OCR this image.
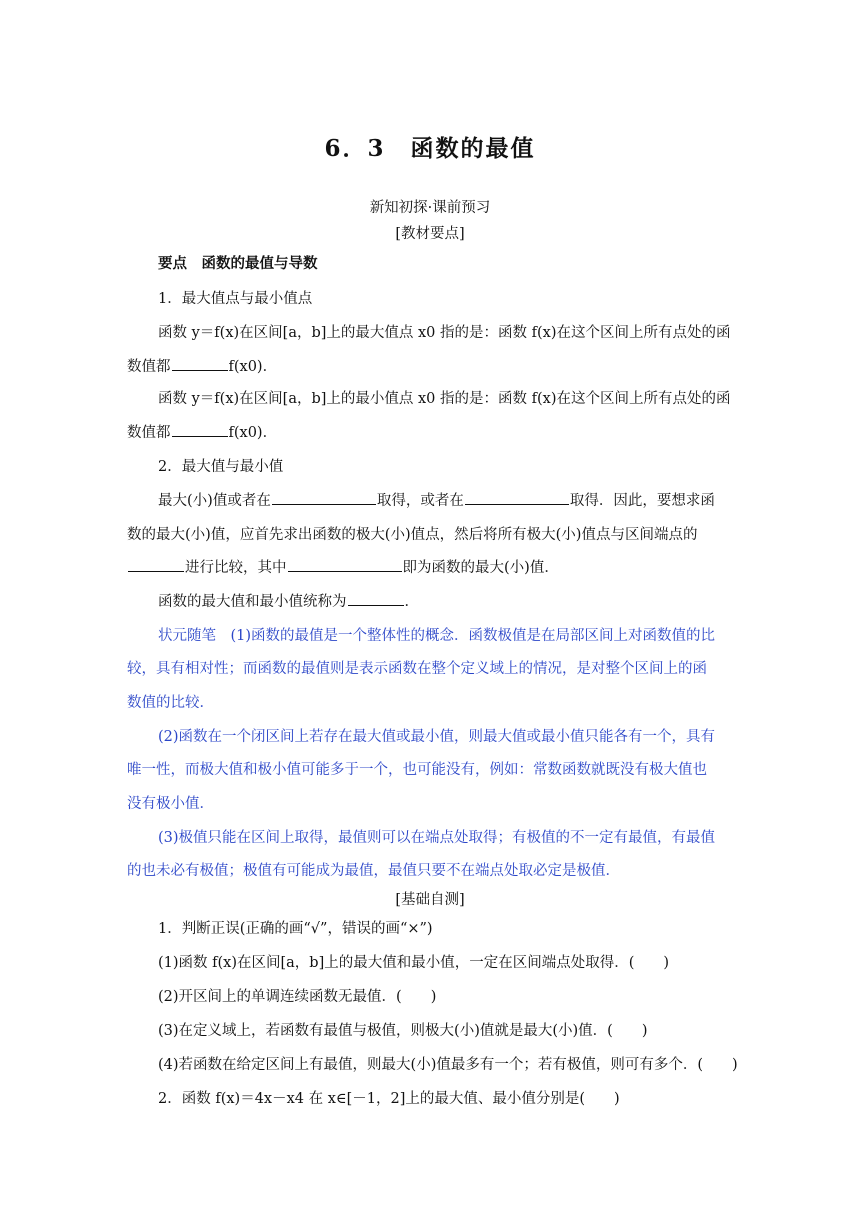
6．3　函数的最值
新知初探·课前预习
[教材要点]
要点　函数的最值与导数
1．最大值点与最小值点
函数 y＝f(x)在区间[a，b]上的最大值点 x0 指的是：函数 f(x)在这个区间上所有点处的函
数值都	f(x0)．
函数 y＝f(x)在区间[a，b]上的最小值点 x0 指的是：函数 f(x)在这个区间上所有点处的函
数值都	f(x0)．
2．最大值与最小值
最大(小)值或者在	取得，或者在	取得．因此，要想求函
数的最大(小)值，应首先求出函数的极大(小)值点，然后将所有极大(小)值点与区间端点的
进行比较，其中	即为函数的最大(小)值．
函数的最大值和最小值统称为	．
状元随笔　(1)函数的最值是一个整体性的概念．函数极值是在局部区间上对函数值的比
较，具有相对性；而函数的最值则是表示函数在整个定义域上的情况，是对整个区间上的函
数值的比较．
(2)函数在一个闭区间上若存在最大值或最小值，则最大值或最小值只能各有一个，具有
唯一性，而极大值和极小值可能多于一个，也可能没有，例如：常数函数就既没有极大值也
没有极小值．
(3)极值只能在区间上取得，最值则可以在端点处取得；有极值的不一定有最值，有最值
的也未必有极值；极值有可能成为最值，最值只要不在端点处取必定是极值．
[基础自测]
1．判断正误(正确的画“√”，错误的画“×”)
(1)函数 f(x)在区间[a，b]上的最大值和最小值，一定在区间端点处取得．(　　)
(2)开区间上的单调连续函数无最值．(　　)
(3)在定义域上，若函数有最值与极值，则极大(小)值就是最大(小)值．(　　)
(4)若函数在给定区间上有最值，则最大(小)值最多有一个；若有极值，则可有多个．(　　)
2．函数 f(x)＝4x－x4 在 x∈[－1，2]上的最大值、最小值分别是(　　)
